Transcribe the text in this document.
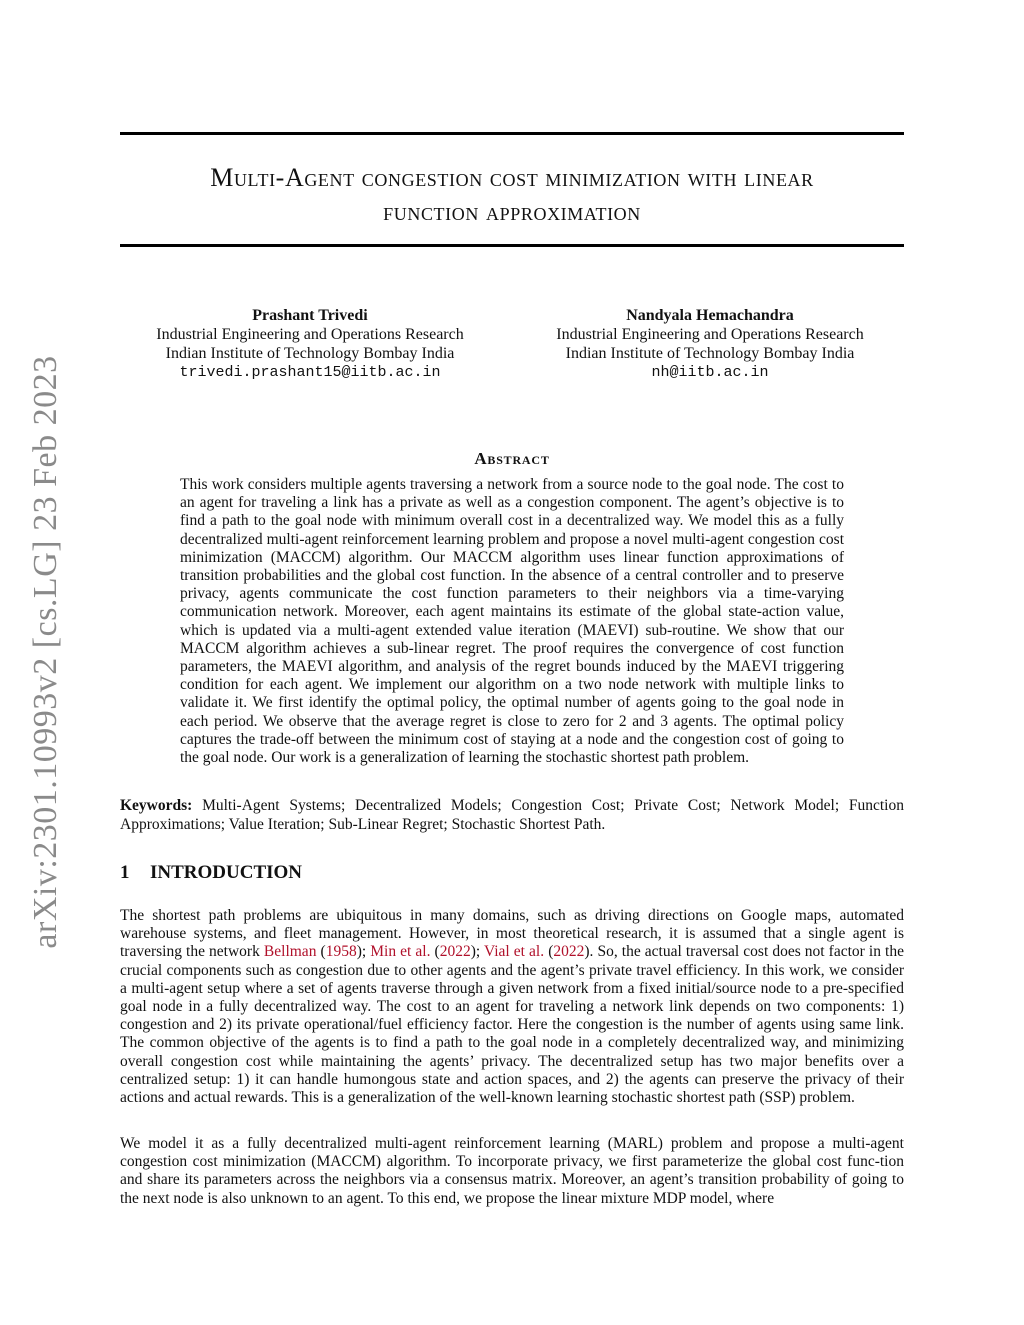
arXiv:2301.10993v2 [cs.LG] 23 Feb 2023
Multi-Agent congestion cost minimization with linear
function approximation
Prashant Trivedi
Industrial Engineering and Operations Research
Indian Institute of Technology Bombay India
trivedi.prashant15@iitb.ac.in
Nandyala Hemachandra
Industrial Engineering and Operations Research
Indian Institute of Technology Bombay India
nh@iitb.ac.in
Abstract
This work considers multiple agents traversing a network from a source node to the goal node. The cost to an agent for traveling a link has a private as well as a congestion component. The agent’s objective is to find a path to the goal node with minimum overall cost in a decentralized way. We model this as a fully decentralized multi-agent reinforcement learning problem and propose a novel multi-agent congestion cost minimization (MACCM) algorithm. Our MACCM algorithm uses linear function approximations of transition probabilities and the global cost function. In the absence of a central controller and to preserve privacy, agents communicate the cost function parameters to their neighbors via a time-varying communication network. Moreover, each agent maintains its estimate of the global state-action value, which is updated via a multi-agent extended value iteration (MAEVI) sub-routine. We show that our MACCM algorithm achieves a sub-linear regret. The proof requires the convergence of cost function parameters, the MAEVI algorithm, and analysis of the regret bounds induced by the MAEVI triggering condition for each agent. We implement our algorithm on a two node network with multiple links to validate it. We first identify the optimal policy, the optimal number of agents going to the goal node in each period. We observe that the average regret is close to zero for 2 and 3 agents. The optimal policy captures the trade-off between the minimum cost of staying at a node and the congestion cost of going to the goal node. Our work is a generalization of learning the stochastic shortest path problem.
Keywords: Multi-Agent Systems; Decentralized Models; Congestion Cost; Private Cost; Network Model; Function Approximations; Value Iteration; Sub-Linear Regret; Stochastic Shortest Path.
1 INTRODUCTION
The shortest path problems are ubiquitous in many domains, such as driving directions on Google maps, automated warehouse systems, and fleet management. However, in most theoretical research, it is assumed that a single agent is traversing the network Bellman (1958); Min et al. (2022); Vial et al. (2022). So, the actual traversal cost does not factor in the crucial components such as congestion due to other agents and the agent’s private travel efficiency. In this work, we consider a multi-agent setup where a set of agents traverse through a given network from a fixed initial/source node to a pre-specified goal node in a fully decentralized way. The cost to an agent for traveling a network link depends on two components: 1) congestion and 2) its private operational/fuel efficiency factor. Here the congestion is the number of agents using same link. The common objective of the agents is to find a path to the goal node in a completely decentralized way, and minimizing overall congestion cost while maintaining the agents’ privacy. The decentralized setup has two major benefits over a centralized setup: 1) it can handle humongous state and action spaces, and 2) the agents can preserve the privacy of their actions and actual rewards. This is a generalization of the well-known learning stochastic shortest path (SSP) problem.
We model it as a fully decentralized multi-agent reinforcement learning (MARL) problem and propose a multi-agent congestion cost minimization (MACCM) algorithm. To incorporate privacy, we first parameterize the global cost func-tion and share its parameters across the neighbors via a consensus matrix. Moreover, an agent’s transition probability of going to the next node is also unknown to an agent. To this end, we propose the linear mixture MDP model, where
